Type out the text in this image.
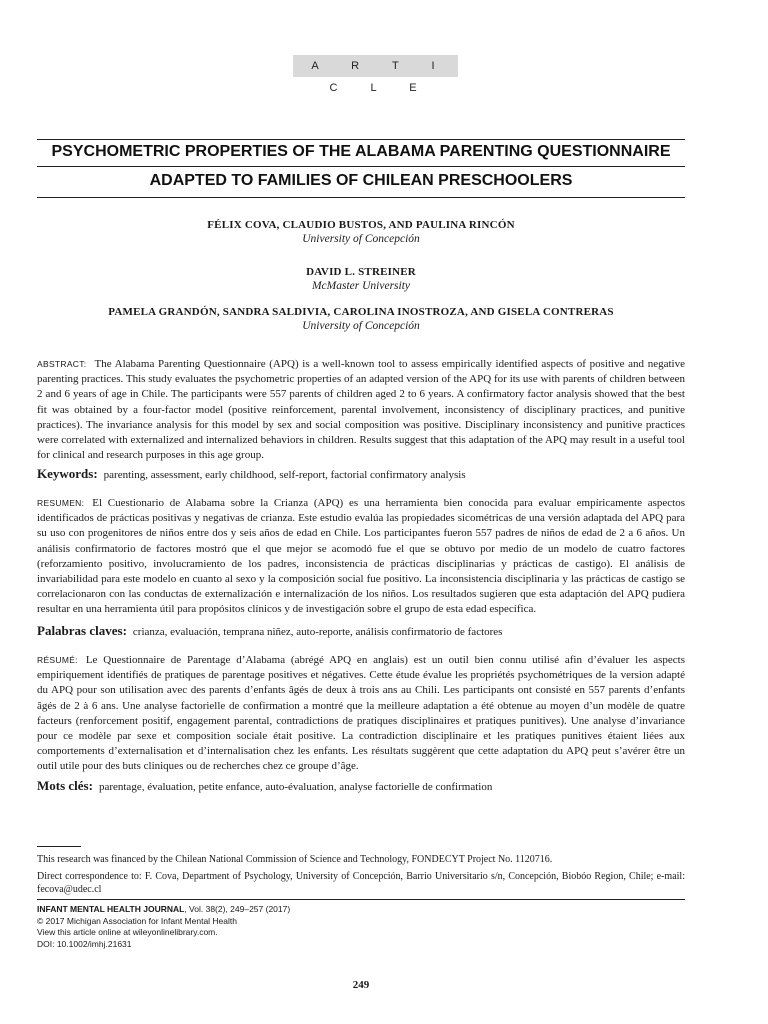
A R T I C L E
PSYCHOMETRIC PROPERTIES OF THE ALABAMA PARENTING QUESTIONNAIRE
ADAPTED TO FAMILIES OF CHILEAN PRESCHOOLERS
FÉLIX COVA, CLAUDIO BUSTOS, AND PAULINA RINCÓN
University of Concepción
DAVID L. STREINER
McMaster University
PAMELA GRANDÓN, SANDRA SALDIVIA, CAROLINA INOSTROZA, AND GISELA CONTRERAS
University of Concepción
ABSTRACT: The Alabama Parenting Questionnaire (APQ) is a well-known tool to assess empirically identified aspects of positive and negative parenting practices. This study evaluates the psychometric properties of an adapted version of the APQ for its use with parents of children between 2 and 6 years of age in Chile. The participants were 557 parents of children aged 2 to 6 years. A confirmatory factor analysis showed that the best fit was obtained by a four-factor model (positive reinforcement, parental involvement, inconsistency of disciplinary practices, and punitive practices). The invariance analysis for this model by sex and social composition was positive. Disciplinary inconsistency and punitive practices were correlated with externalized and internalized behaviors in children. Results suggest that this adaptation of the APQ may result in a useful tool for clinical and research purposes in this age group.
Keywords: parenting, assessment, early childhood, self-report, factorial confirmatory analysis
RESUMEN: El Cuestionario de Alabama sobre la Crianza (APQ) es una herramienta bien conocida para evaluar empíricamente aspectos identificados de prácticas positivas y negativas de crianza. Este estudio evalúa las propiedades sicométricas de una versión adaptada del APQ para su uso con progenitores de niños entre dos y seis años de edad en Chile. Los participantes fueron 557 padres de niños de edad de 2 a 6 años. Un análisis confirmatorio de factores mostró que el que mejor se acomodó fue el que se obtuvo por medio de un modelo de cuatro factores (reforzamiento positivo, involucramiento de los padres, inconsistencia de prácticas disciplinarias y prácticas de castigo). El análisis de invariabilidad para este modelo en cuanto al sexo y la composición social fue positivo. La inconsistencia disciplinaria y las prácticas de castigo se correlacionaron con las conductas de externalización e internalización de los niños. Los resultados sugieren que esta adaptación del APQ pudiera resultar en una herramienta útil para propósitos clínicos y de investigación sobre el grupo de esta edad específica.
Palabras claves: crianza, evaluación, temprana niñez, auto-reporte, análisis confirmatorio de factores
RÉSUMÉ: Le Questionnaire de Parentage d’Alabama (abrégé APQ en anglais) est un outil bien connu utilisé afin d’évaluer les aspects empiriquement identifiés de pratiques de parentage positives et négatives. Cette étude évalue les propriétés psychométriques de la version adapté du APQ pour son utilisation avec des parents d’enfants âgés de deux à trois ans au Chili. Les participants ont consisté en 557 parents d’enfants âgés de 2 à 6 ans. Une analyse factorielle de confirmation a montré que la meilleure adaptation a été obtenue au moyen d’un modèle de quatre facteurs (renforcement positif, engagement parental, contradictions de pratiques disciplinaires et pratiques punitives). Une analyse d’invariance pour ce modèle par sexe et composition sociale était positive. La contradiction disciplinaire et les pratiques punitives étaient liées aux comportements d’externalisation et d’internalisation chez les enfants. Les résultats suggèrent que cette adaptation du APQ peut s’avérer être un outil utile pour des buts cliniques ou de recherches chez ce groupe d’âge.
Mots clés: parentage, évaluation, petite enfance, auto-évaluation, analyse factorielle de confirmation
This research was financed by the Chilean National Commission of Science and Technology, FONDECYT Project No. 1120716.
Direct correspondence to: F. Cova, Department of Psychology, University of Concepción, Barrio Universitario s/n, Concepción, Biobóo Region, Chile; e-mail: fecova@udec.cl
INFANT MENTAL HEALTH JOURNAL, Vol. 38(2), 249–257 (2017)
© 2017 Michigan Association for Infant Mental Health
View this article online at wileyonlinelibrary.com.
DOI: 10.1002/imhj.21631
249
